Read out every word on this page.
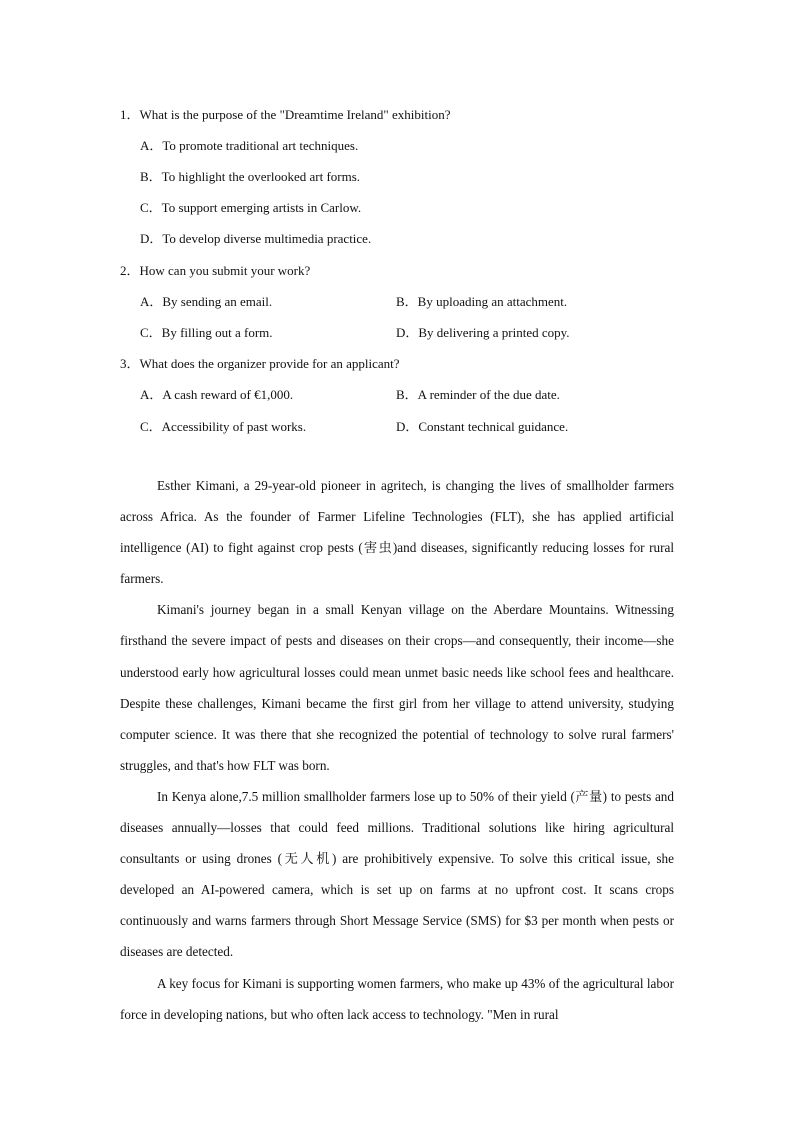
1．What is the purpose of the "Dreamtime Ireland" exhibition?
A．To promote traditional art techniques.
B．To highlight the overlooked art forms.
C．To support emerging artists in Carlow.
D．To develop diverse multimedia practice.
2．How can you submit your work?
A．By sending an email.	B．By uploading an attachment.
C．By filling out a form.	D．By delivering a printed copy.
3．What does the organizer provide for an applicant?
A．A cash reward of €1,000.	B．A reminder of the due date.
C．Accessibility of past works.	D．Constant technical guidance.

Esther Kimani, a 29-year-old pioneer in agritech, is changing the lives of smallholder farmers across Africa. As the founder of Farmer Lifeline Technologies (FLT), she has applied artificial intelligence (AI) to fight against crop pests (害虫)and diseases, significantly reducing losses for rural farmers.

Kimani's journey began in a small Kenyan village on the Aberdare Mountains. Witnessing firsthand the severe impact of pests and diseases on their crops—and consequently, their income—she understood early how agricultural losses could mean unmet basic needs like school fees and healthcare. Despite these challenges, Kimani became the first girl from her village to attend university, studying computer science. It was there that she recognized the potential of technology to solve rural farmers' struggles, and that's how FLT was born.

In Kenya alone,7.5 million smallholder farmers lose up to 50% of their yield (产量) to pests and diseases annually—losses that could feed millions. Traditional solutions like hiring agricultural consultants or using drones (无人机) are prohibitively expensive. To solve this critical issue, she developed an AI-powered camera, which is set up on farms at no upfront cost. It scans crops continuously and warns farmers through Short Message Service (SMS) for $3 per month when pests or diseases are detected.

A key focus for Kimani is supporting women farmers, who make up 43% of the agricultural labor force in developing nations, but who often lack access to technology. "Men in rural
